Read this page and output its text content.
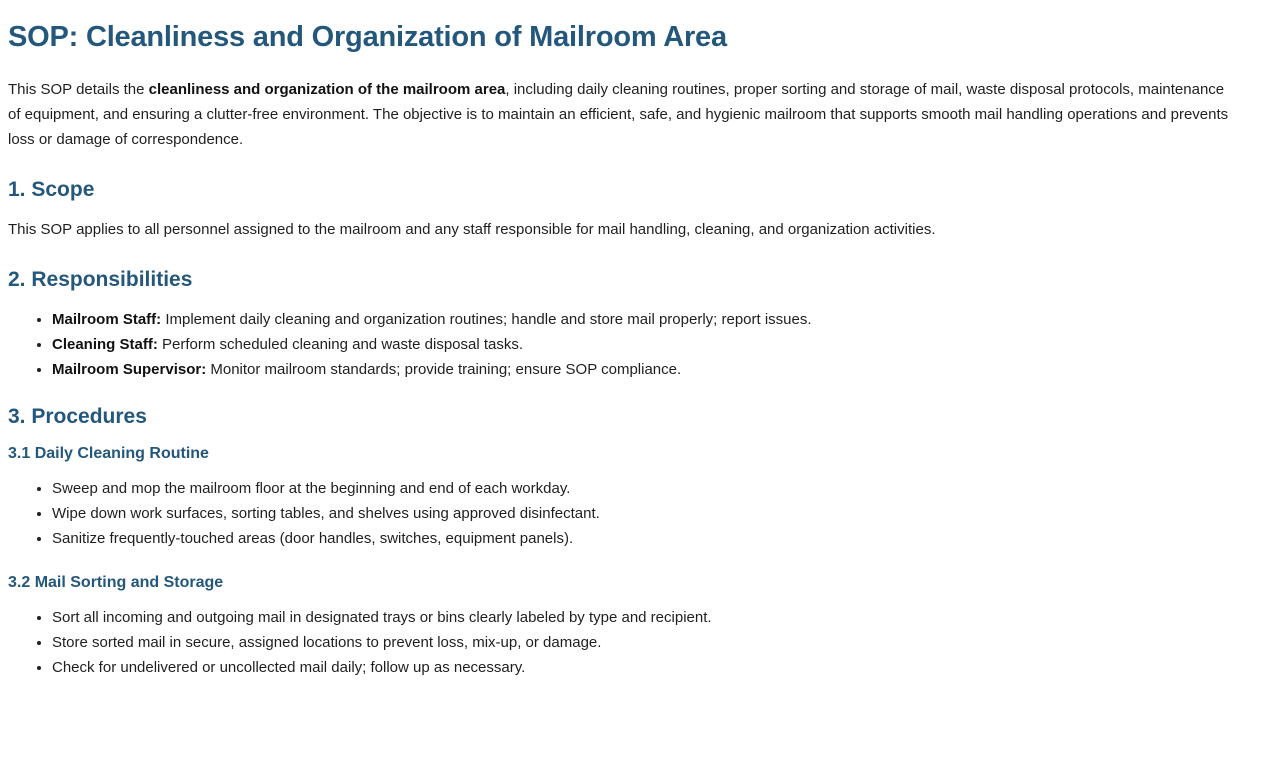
SOP: Cleanliness and Organization of Mailroom Area

This SOP details the cleanliness and organization of the mailroom area, including daily cleaning routines, proper sorting and storage of mail, waste disposal protocols, maintenance of equipment, and ensuring a clutter-free environment. The objective is to maintain an efficient, safe, and hygienic mailroom that supports smooth mail handling operations and prevents loss or damage of correspondence.

1. Scope

This SOP applies to all personnel assigned to the mailroom and any staff responsible for mail handling, cleaning, and organization activities.

2. Responsibilities
• Mailroom Staff: Implement daily cleaning and organization routines; handle and store mail properly; report issues.
• Cleaning Staff: Perform scheduled cleaning and waste disposal tasks.
• Mailroom Supervisor: Monitor mailroom standards; provide training; ensure SOP compliance.
3. Procedures
3.1 Daily Cleaning Routine
• Sweep and mop the mailroom floor at the beginning and end of each workday.
• Wipe down work surfaces, sorting tables, and shelves using approved disinfectant.
• Sanitize frequently-touched areas (door handles, switches, equipment panels).
3.2 Mail Sorting and Storage
• Sort all incoming and outgoing mail in designated trays or bins clearly labeled by type and recipient.
• Store sorted mail in secure, assigned locations to prevent loss, mix-up, or damage.
• Check for undelivered or uncollected mail daily; follow up as necessary.
